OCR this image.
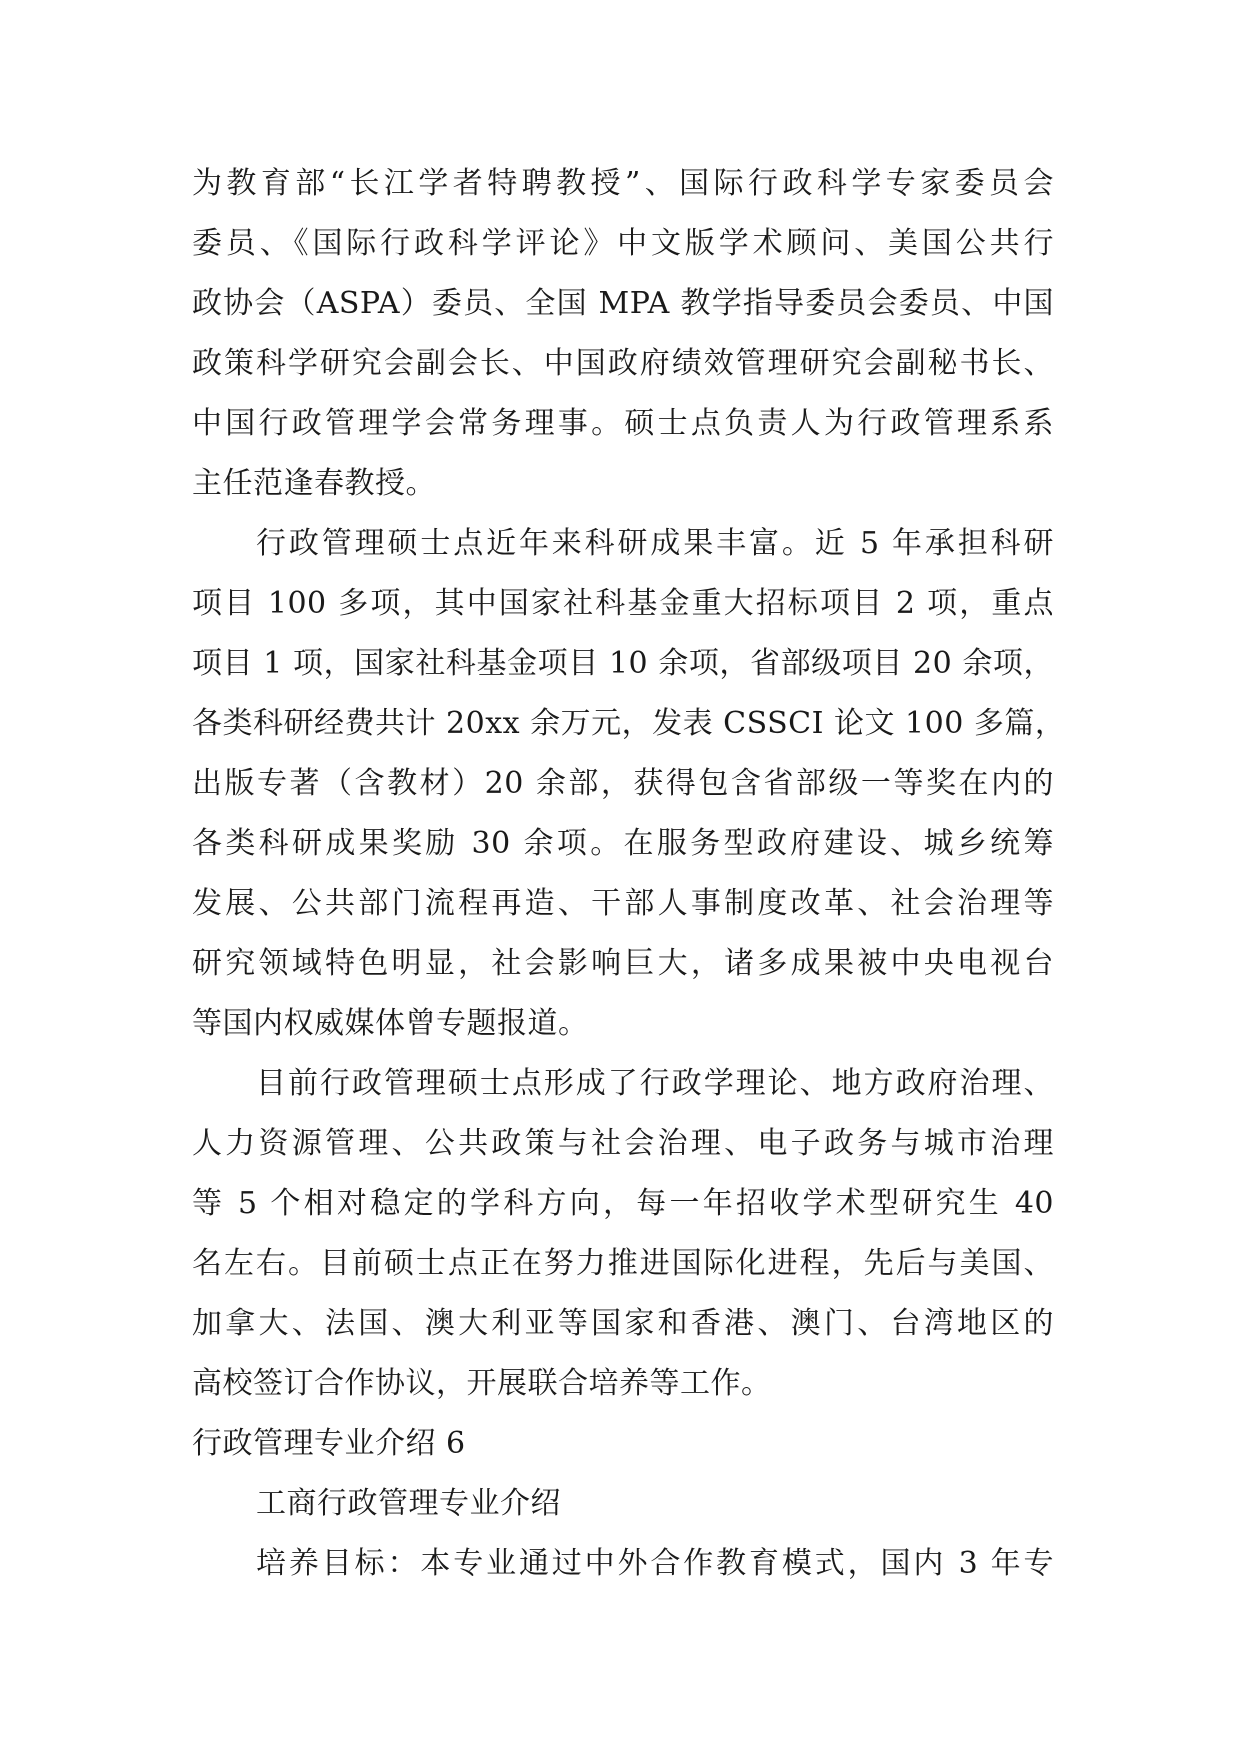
为教育部“长江学者特聘教授”、国际行政科学专家委员会
委员、《国际行政科学评论》中文版学术顾问、美国公共行
政协会（ASPA）委员、全国 MPA 教学指导委员会委员、中国
政策科学研究会副会长、中国政府绩效管理研究会副秘书长、
中国行政管理学会常务理事。硕士点负责人为行政管理系系
主任范逢春教授。
行政管理硕士点近年来科研成果丰富。近 5 年承担科研
项目 100 多项，其中国家社科基金重大招标项目 2 项，重点
项目 1 项，国家社科基金项目 10 余项，省部级项目 20 余项，
各类科研经费共计 20xx 余万元，发表 CSSCI 论文 100 多篇，
出版专著（含教材）20 余部，获得包含省部级一等奖在内的
各类科研成果奖励 30 余项。在服务型政府建设、城乡统筹
发展、公共部门流程再造、干部人事制度改革、社会治理等
研究领域特色明显，社会影响巨大，诸多成果被中央电视台
等国内权威媒体曾专题报道。
目前行政管理硕士点形成了行政学理论、地方政府治理、
人力资源管理、公共政策与社会治理、电子政务与城市治理
等 5 个相对稳定的学科方向，每一年招收学术型研究生 40
名左右。目前硕士点正在努力推进国际化进程，先后与美国、
加拿大、法国、澳大利亚等国家和香港、澳门、台湾地区的
高校签订合作协议，开展联合培养等工作。
行政管理专业介绍 6
工商行政管理专业介绍
培养目标：本专业通过中外合作教育模式，国内 3 年专
